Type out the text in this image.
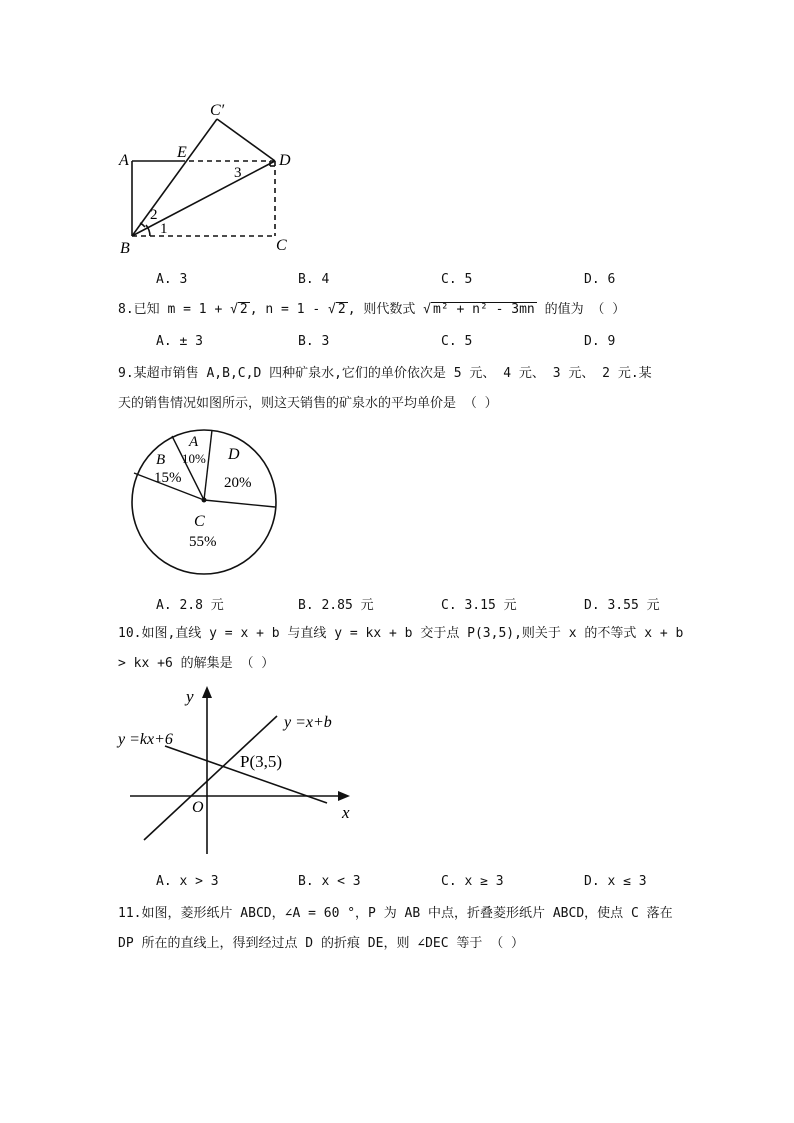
C′
A	E	D
B	C
1
2
3
A. 3	B. 4	C. 5	D. 6
8.已知 m = 1 + √ 2 , n = 1 - √ 2 , 则代数式 √ m² + n² - 3mn 的值为 （ ）
A. ± 3	B. 3	C. 5	D. 9
9.某超市销售 A,B,C,D 四种矿泉水,它们的单价依次是 5 元、 4 元、 3 元、 2 元.某
天的销售情况如图所示，则这天销售的矿泉水的平均单价是 （ ）
A
10%
B
15%
D
20%
C
55%
A. 2.8 元	B. 2.85 元	C. 3.15 元	D. 3.55 元
10.如图,直线 y = x + b 与直线 y = kx + b 交于点 P(3,5),则关于 x 的不等式 x + b
> kx +6 的解集是 （ ）
y
x
O
y =x+b
y =kx+6
P(3,5)
A. x > 3	B. x < 3	C. x ≥ 3	D. x ≤ 3
11.如图，菱形纸片 ABCD，∠A = 60 °，P 为 AB 中点，折叠菱形纸片 ABCD，使点 C 落在
DP 所在的直线上，得到经过点 D 的折痕 DE，则 ∠DEC 等于 （ ）
